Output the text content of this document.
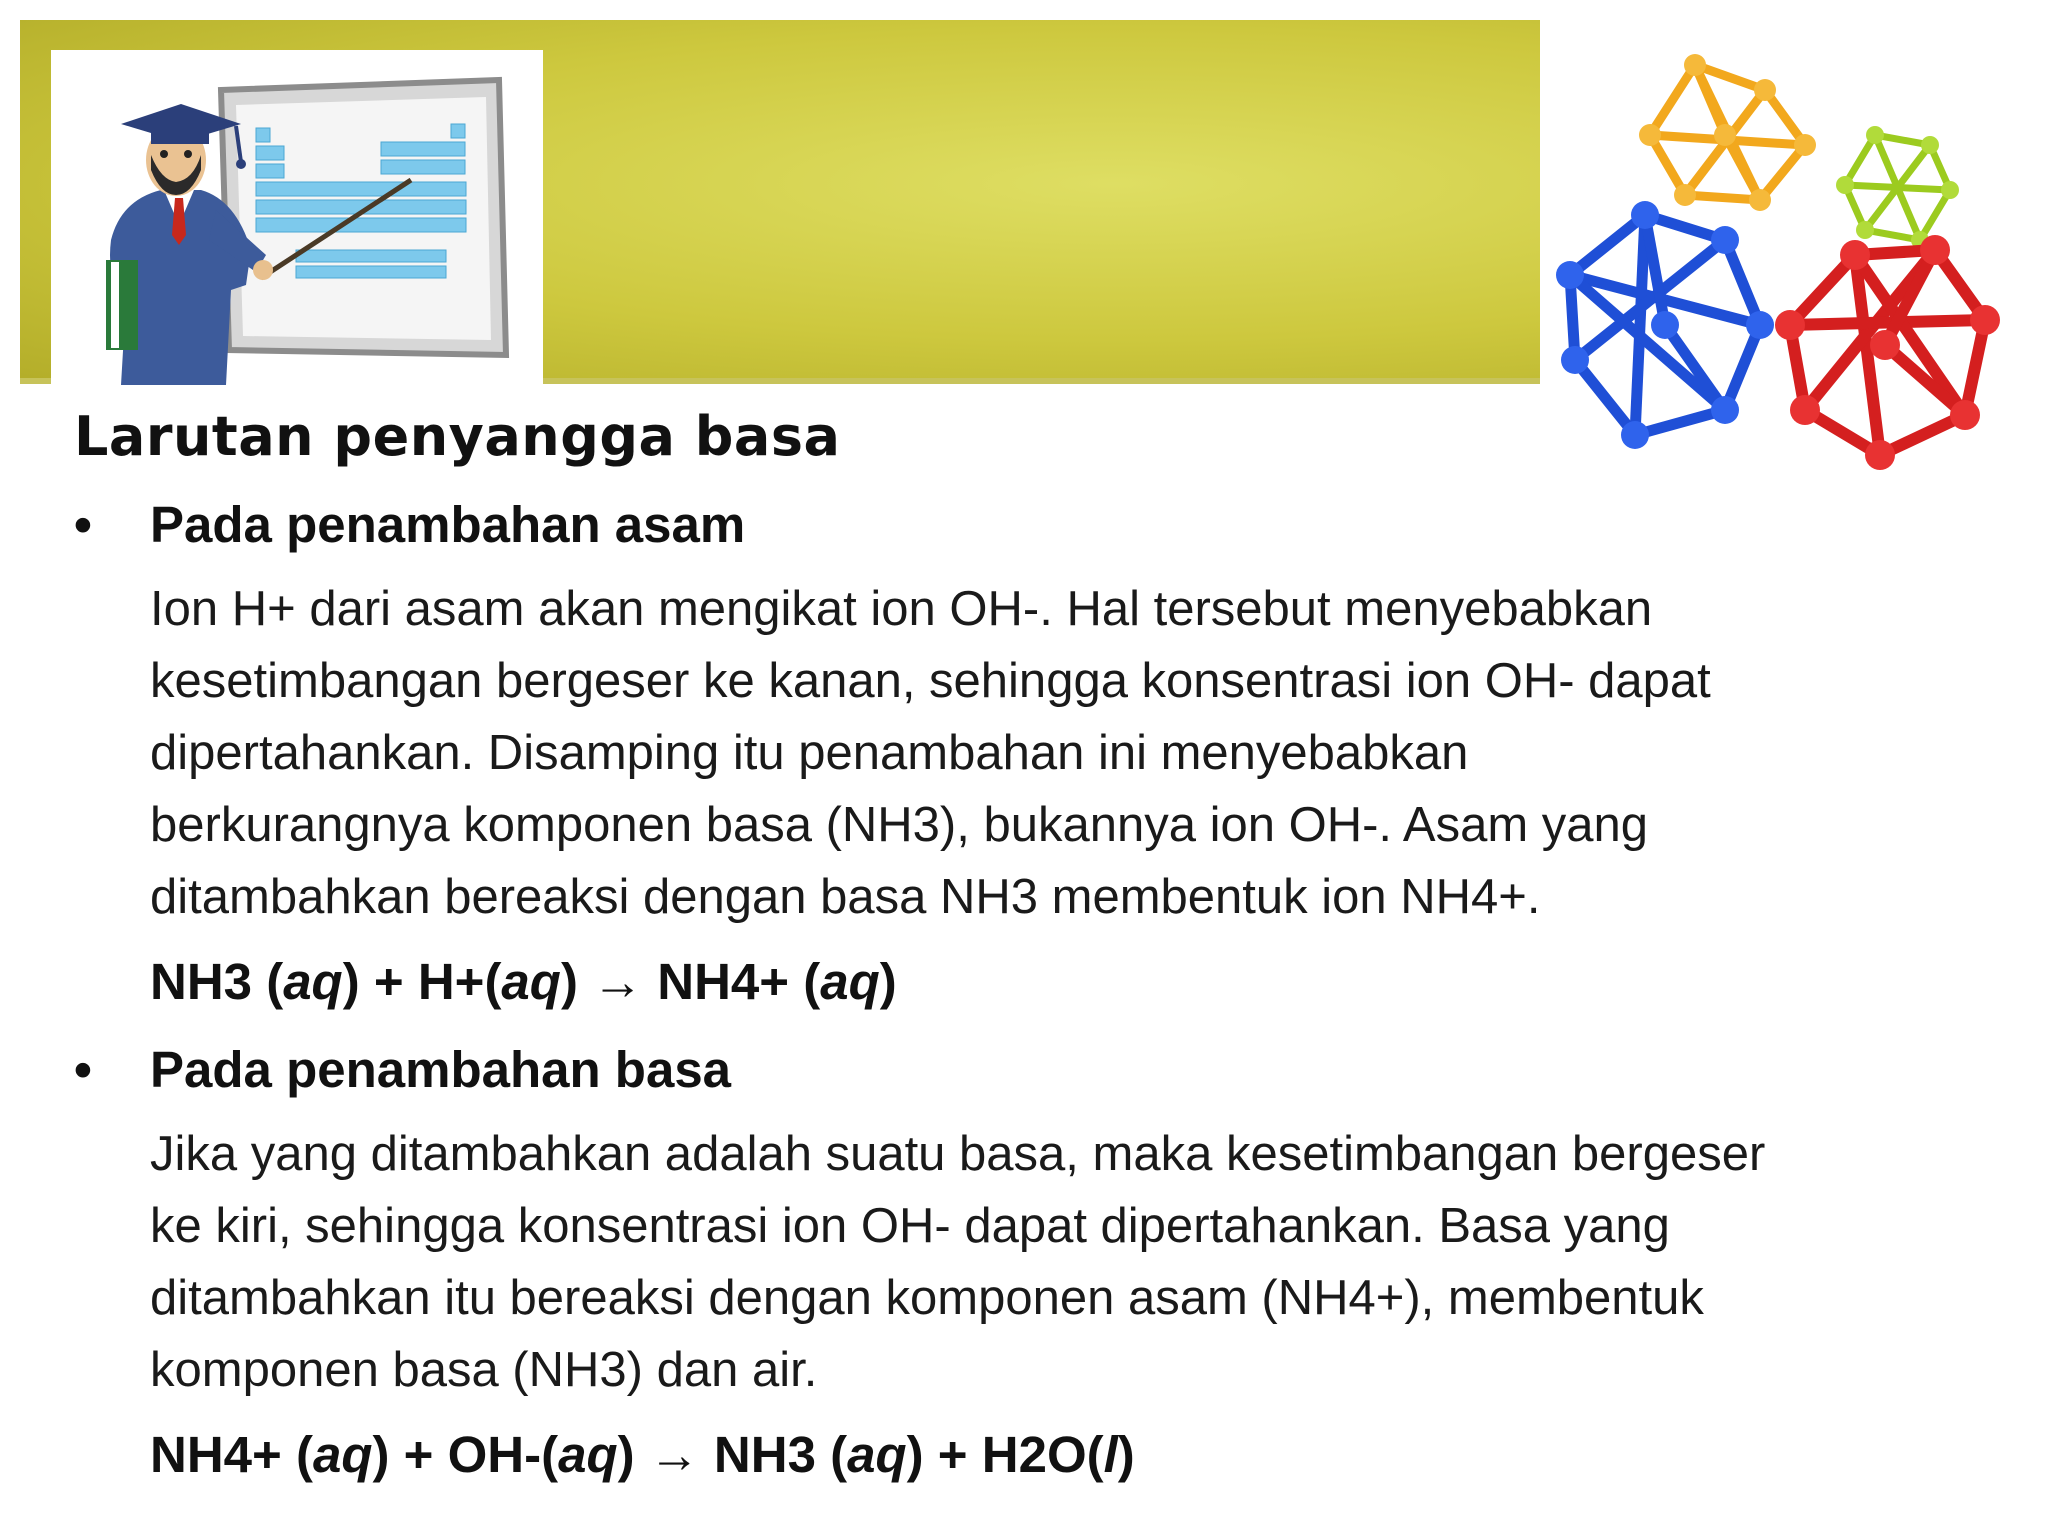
Larutan penyangga basa

• Pada penambahan asam

Ion H+ dari asam akan mengikat ion OH-. Hal tersebut menyebabkan
kesetimbangan bergeser ke kanan, sehingga konsentrasi ion OH- dapat
dipertahankan. Disamping itu penambahan ini menyebabkan
berkurangnya komponen basa (NH3), bukannya ion OH-. Asam yang
ditambahkan bereaksi dengan basa NH3 membentuk ion NH4+.

NH3 (aq) + H+(aq) → NH4+ (aq)

• Pada penambahan basa

Jika yang ditambahkan adalah suatu basa, maka kesetimbangan bergeser
ke kiri, sehingga konsentrasi ion OH- dapat dipertahankan. Basa yang
ditambahkan itu bereaksi dengan komponen asam (NH4+), membentuk
komponen basa (NH3) dan air.

NH4+ (aq) + OH-(aq) → NH3 (aq) + H2O(l)
